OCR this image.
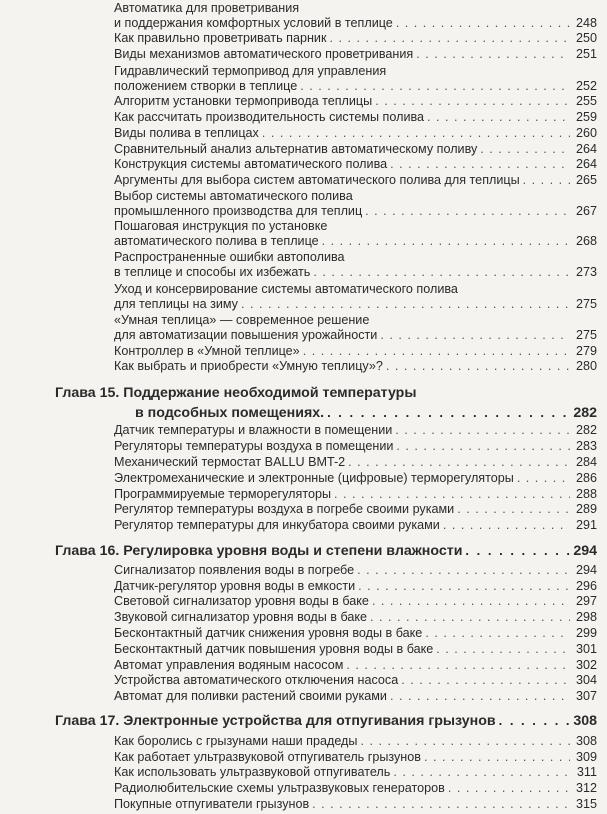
Автоматика для проветривания
и поддержания комфортных условий в теплице . . .	248
Как правильно проветривать парник . . .	250
Виды механизмов автоматического проветривания . . .	251
Гидравлический термопривод для управления
положением створки в теплице . . .	252
Алгоритм установки термопривода теплицы . . .	255
Как рассчитать производительность системы полива . . .	259
Виды полива в теплицах . . .	260
Сравнительный анализ альтернатив автоматическому поливу . . .	264
Конструкция системы автоматического полива . . .	264
Аргументы для выбора систем автоматического полива для теплицы . . .	265
Выбор системы автоматического полива
промышленного производства для теплиц . . .	267
Пошаговая инструкция по установке
автоматического полива в теплице . . .	268
Распространенные ошибки автополива
в теплице и способы их избежать . . .	273
Уход и консервирование системы автоматического полива
для теплицы на зиму . . .	275
«Умная теплица» — современное решение
для автоматизации повышения урожайности . . .	275
Контроллер в «Умной теплице» . . .	279
Как выбрать и приобрести «Умную теплицу»? . . .	280
Глава 15. Поддержание необходимой температуры
в подсобных помещениях. . . .	282
Датчик температуры и влажности в помещении . . .	282
Регуляторы температуры воздуха в помещении . . .	283
Механический термостат BALLU BMT-2 . . .	284
Электромеханические и электронные (цифровые) терморегуляторы . . .	286
Программируемые терморегуляторы . . .	288
Регулятор температуры воздуха в погребе своими руками . . .	289
Регулятор температуры для инкубатора своими руками . . .	291
Глава 16. Регулировка уровня воды и степени влажности . . .	294
Сигнализатор появления воды в погребе . . .	294
Датчик-регулятор уровня воды в емкости . . .	296
Световой сигнализатор уровня воды в баке . . .	297
Звуковой сигнализатор уровня воды в баке . . .	298
Бесконтактный датчик снижения уровня воды в баке . . .	299
Бесконтактный датчик повышения уровня воды в баке . . .	301
Автомат управления водяным насосом . . .	302
Устройства автоматического отключения насоса . . .	304
Автомат для поливки растений своими руками . . .	307
Глава 17. Электронные устройства для отпугивания грызунов . . .	308
Как боролись с грызунами наши прадеды . . .	308
Как работает ультразвуковой отпугиватель грызунов . . .	309
Как использовать ультразвуковой отпугиватель . . .	311
Радиолюбительские схемы ультразвуковых генераторов . . .	312
Покупные отпугиватели грызунов . . .	315
